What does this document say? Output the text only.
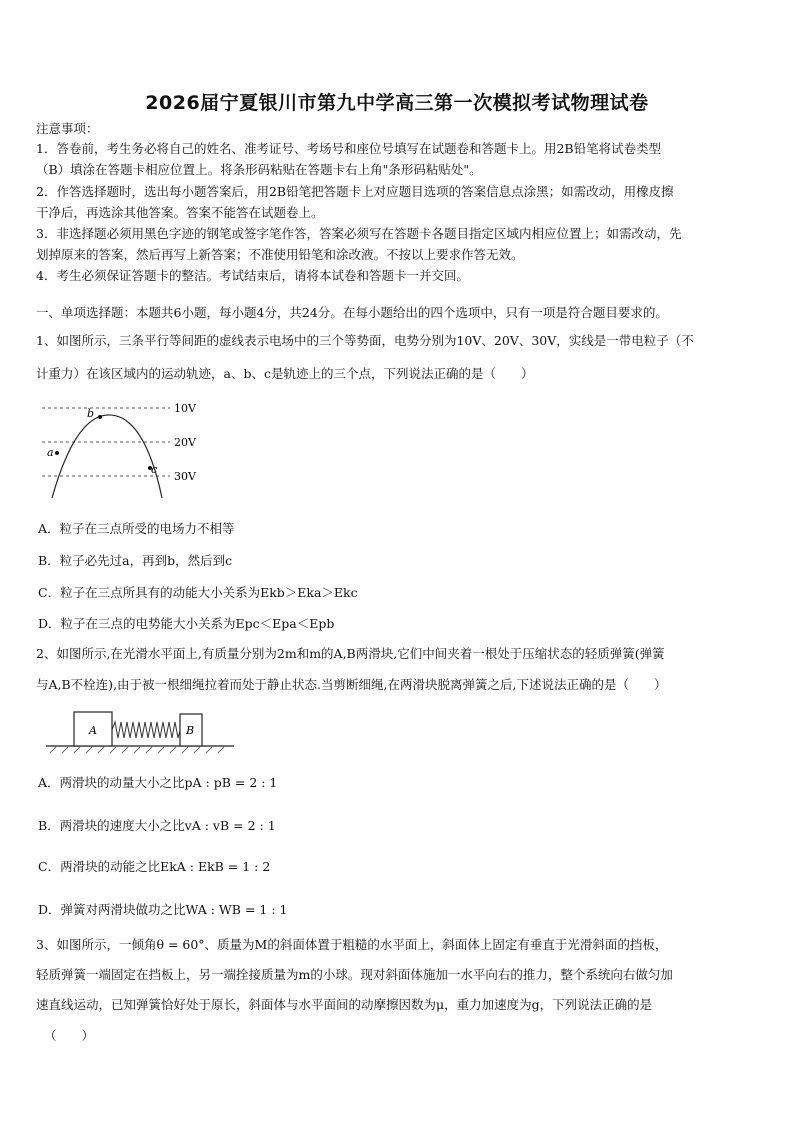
2026届宁夏银川市第九中学高三第一次模拟考试物理试卷
注意事项：
1．答卷前，考生务必将自己的姓名、准考证号、考场号和座位号填写在试题卷和答题卡上。用2B铅笔将试卷类型
（B）填涂在答题卡相应位置上。将条形码粘贴在答题卡右上角"条形码粘贴处"。
2．作答选择题时，选出每小题答案后，用2B铅笔把答题卡上对应题目选项的答案信息点涂黑；如需改动，用橡皮擦
干净后，再选涂其他答案。答案不能答在试题卷上。
3．非选择题必须用黑色字迹的钢笔或签字笔作答，答案必须写在答题卡各题目指定区域内相应位置上；如需改动，先
划掉原来的答案，然后再写上新答案；不准使用铅笔和涂改液。不按以上要求作答无效。
4．考生必须保证答题卡的整洁。考试结束后，请将本试卷和答题卡一并交回。
一、单项选择题：本题共6小题，每小题4分，共24分。在每小题给出的四个选项中，只有一项是符合题目要求的。
1、如图所示，三条平行等间距的虚线表示电场中的三个等势面，电势分别为10V、20V、30V，实线是一带电粒子（不
计重力）在该区域内的运动轨迹，a、b、c是轨迹上的三个点，下列说法正确的是（　　）
10V
20V
30V
a
b
c
A．粒子在三点所受的电场力不相等
B．粒子必先过a，再到b，然后到c
C．粒子在三点所具有的动能大小关系为Ekb＞Eka＞Ekc
D．粒子在三点的电势能大小关系为Epc＜Epa＜Epb
2、如图所示,在光滑水平面上,有质量分别为2m和m的A,B两滑块,它们中间夹着一根处于压缩状态的轻质弹簧(弹簧
与A,B不栓连),由于被一根细绳拉着而处于静止状态.当剪断细绳,在两滑块脱离弹簧之后,下述说法正确的是（　　）
A	B
A．两滑块的动量大小之比pA : pB = 2 : 1
B．两滑块的速度大小之比vA : vB = 2 : 1
C．两滑块的动能之比EkA : EkB = 1 : 2
D．弹簧对两滑块做功之比WA : WB = 1 : 1
3、如图所示，一倾角θ = 60°、质量为M的斜面体置于粗糙的水平面上，斜面体上固定有垂直于光滑斜面的挡板，
轻质弹簧一端固定在挡板上，另一端拴接质量为m的小球。现对斜面体施加一水平向右的推力，整个系统向右做匀加
速直线运动，已知弹簧恰好处于原长，斜面体与水平面间的动摩擦因数为μ，重力加速度为g，下列说法正确的是
（　　）
